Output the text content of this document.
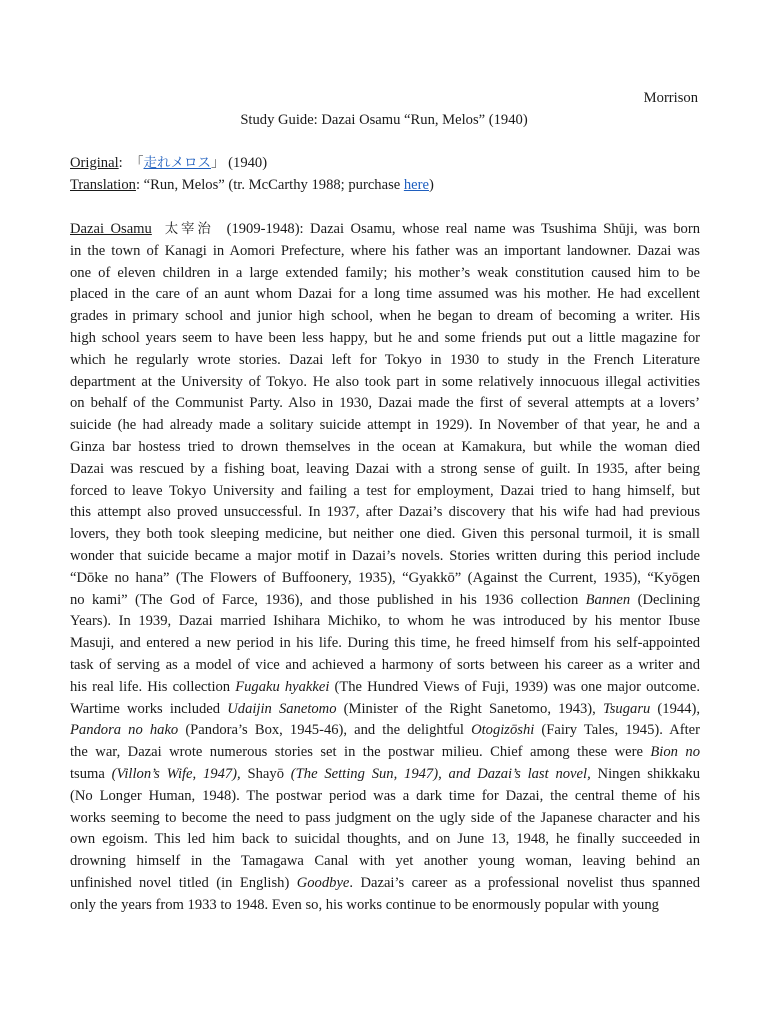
Morrison
Study Guide: Dazai Osamu “Run, Melos” (1940)
Original: 「走れメロス」 (1940)
Translation: “Run, Melos” (tr. McCarthy 1988; purchase here)
Dazai Osamu 太宰治 (1909-1948): Dazai Osamu, whose real name was Tsushima Shūji, was born
in the town of Kanagi in Aomori Prefecture, where his father was an important landowner. Dazai was
one of eleven children in a large extended family; his mother’s weak constitution caused him to be
placed in the care of an aunt whom Dazai for a long time assumed was his mother. He had excellent
grades in primary school and junior high school, when he began to dream of becoming a writer. His
high school years seem to have been less happy, but he and some friends put out a little magazine for
which he regularly wrote stories. Dazai left for Tokyo in 1930 to study in the French Literature
department at the University of Tokyo. He also took part in some relatively innocuous illegal activities
on behalf of the Communist Party. Also in 1930, Dazai made the first of several attempts at a lovers’
suicide (he had already made a solitary suicide attempt in 1929). In November of that year, he and a
Ginza bar hostess tried to drown themselves in the ocean at Kamakura, but while the woman died
Dazai was rescued by a fishing boat, leaving Dazai with a strong sense of guilt. In 1935, after being
forced to leave Tokyo University and failing a test for employment, Dazai tried to hang himself, but
this attempt also proved unsuccessful. In 1937, after Dazai’s discovery that his wife had had previous
lovers, they both took sleeping medicine, but neither one died. Given this personal turmoil, it is small
wonder that suicide became a major motif in Dazai’s novels. Stories written during this period include
“Dōke no hana” (The Flowers of Buffoonery, 1935), “Gyakkō” (Against the Current, 1935), “Kyōgen
no kami” (The God of Farce, 1936), and those published in his 1936 collection Bannen (Declining
Years). In 1939, Dazai married Ishihara Michiko, to whom he was introduced by his mentor Ibuse
Masuji, and entered a new period in his life. During this time, he freed himself from his self-appointed
task of serving as a model of vice and achieved a harmony of sorts between his career as a writer and
his real life. His collection Fugaku hyakkei (The Hundred Views of Fuji, 1939) was one major outcome.
Wartime works included Udaijin Sanetomo (Minister of the Right Sanetomo, 1943), Tsugaru (1944),
Pandora no hako (Pandora’s Box, 1945-46), and the delightful Otogizōshi (Fairy Tales, 1945). After
the war, Dazai wrote numerous stories set in the postwar milieu. Chief among these were Bion no
tsuma (Villon’s Wife, 1947), Shayō (The Setting Sun, 1947), and Dazai’s last novel, Ningen shikkaku
(No Longer Human, 1948). The postwar period was a dark time for Dazai, the central theme of his
works seeming to become the need to pass judgment on the ugly side of the Japanese character and his
own egoism. This led him back to suicidal thoughts, and on June 13, 1948, he finally succeeded in
drowning himself in the Tamagawa Canal with yet another young woman, leaving behind an
unfinished novel titled (in English) Goodbye. Dazai’s career as a professional novelist thus spanned
only the years from 1933 to 1948. Even so, his works continue to be enormously popular with young
